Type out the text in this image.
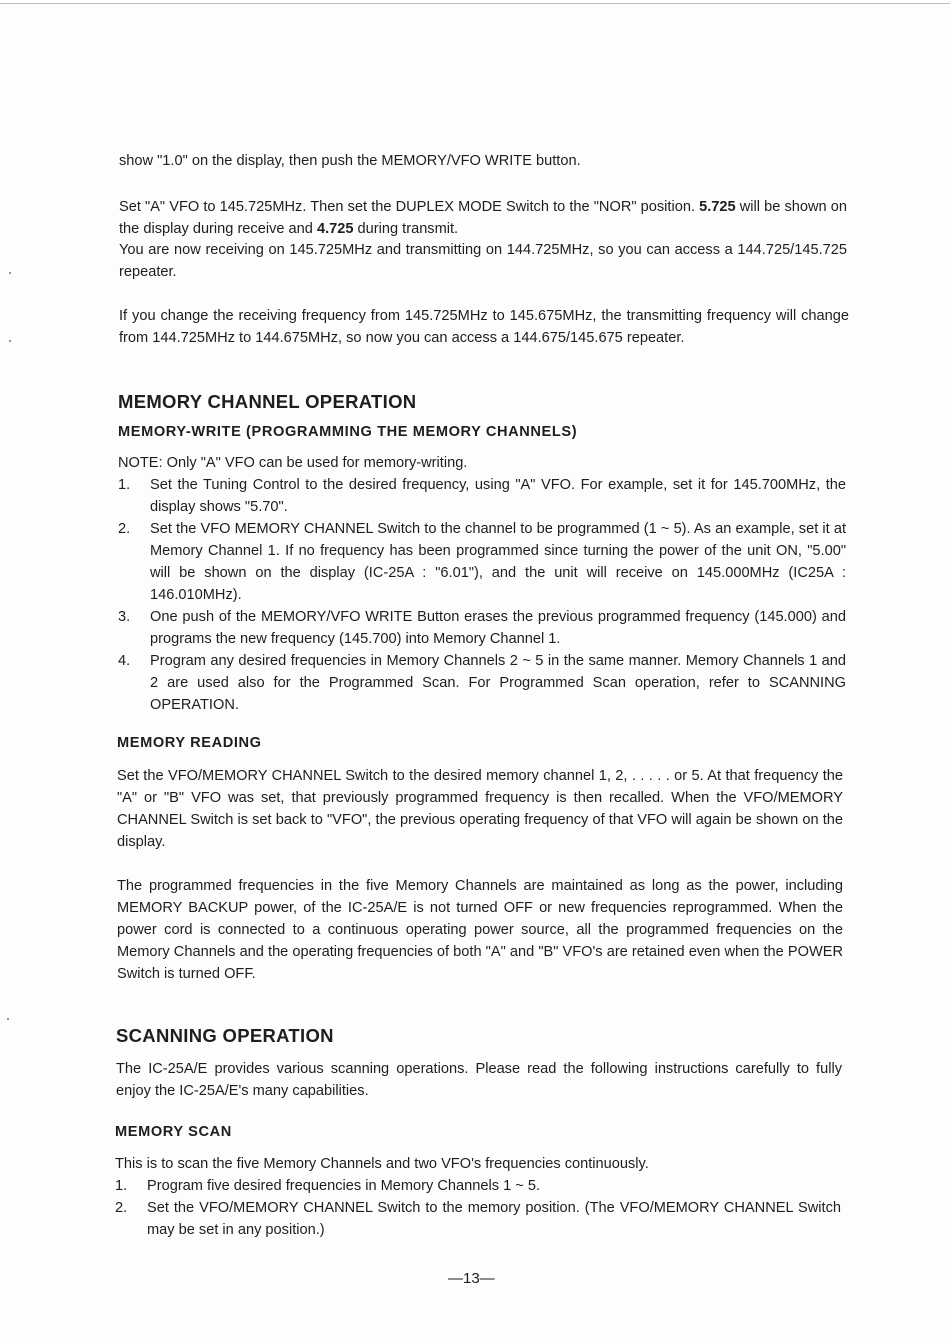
show "1.0" on the display, then push the MEMORY/VFO WRITE button.

Set "A" VFO to 145.725MHz. Then set the DUPLEX MODE Switch to the "NOR" position. 5.725 will be shown on the display during receive and 4.725 during transmit.

You are now receiving on 145.725MHz and transmitting on 144.725MHz, so you can access a 144.725/145.725 repeater.

If you change the receiving frequency from 145.725MHz to 145.675MHz, the transmitting frequency will change from 144.725MHz to 144.675MHz, so now you can access a 144.675/145.675 repeater.

MEMORY CHANNEL OPERATION
MEMORY-WRITE (PROGRAMMING THE MEMORY CHANNELS)

NOTE: Only "A" VFO can be used for memory-writing.

1. Set the Tuning Control to the desired frequency, using "A" VFO. For example, set it for 145.700MHz, the display shows "5.70".
2. Set the VFO MEMORY CHANNEL Switch to the channel to be programmed (1 ~ 5). As an example, set it at Memory Channel 1. If no frequency has been programmed since turning the power of the unit ON, "5.00" will be shown on the display (IC-25A : "6.01"), and the unit will receive on 145.000MHz (IC25A : 146.010MHz).
3. One push of the MEMORY/VFO WRITE Button erases the previous programmed frequency (145.000) and programs the new frequency (145.700) into Memory Channel 1.
4. Program any desired frequencies in Memory Channels 2 ~ 5 in the same manner. Memory Channels 1 and 2 are used also for the Programmed Scan. For Programmed Scan operation, refer to SCANNING OPERATION.
MEMORY READING

Set the VFO/MEMORY CHANNEL Switch to the desired memory channel 1, 2, . . . . . or 5. At that frequency the "A" or "B" VFO was set, that previously programmed frequency is then recalled. When the VFO/MEMORY CHANNEL Switch is set back to "VFO", the previous operating frequency of that VFO will again be shown on the display.

The programmed frequencies in the five Memory Channels are maintained as long as the power, including MEMORY BACKUP power, of the IC-25A/E is not turned OFF or new frequencies reprogrammed. When the power cord is connected to a continuous operating power source, all the programmed frequencies on the Memory Channels and the operating frequencies of both "A" and "B" VFO's are retained even when the POWER Switch is turned OFF.

SCANNING OPERATION

The IC-25A/E provides various scanning operations. Please read the following instructions carefully to fully enjoy the IC-25A/E's many capabilities.

MEMORY SCAN

This is to scan the five Memory Channels and two VFO's frequencies continuously.

1. Program five desired frequencies in Memory Channels 1 ~ 5.
2. Set the VFO/MEMORY CHANNEL Switch to the memory position. (The VFO/MEMORY CHANNEL Switch may be set in any position.)
—13—
